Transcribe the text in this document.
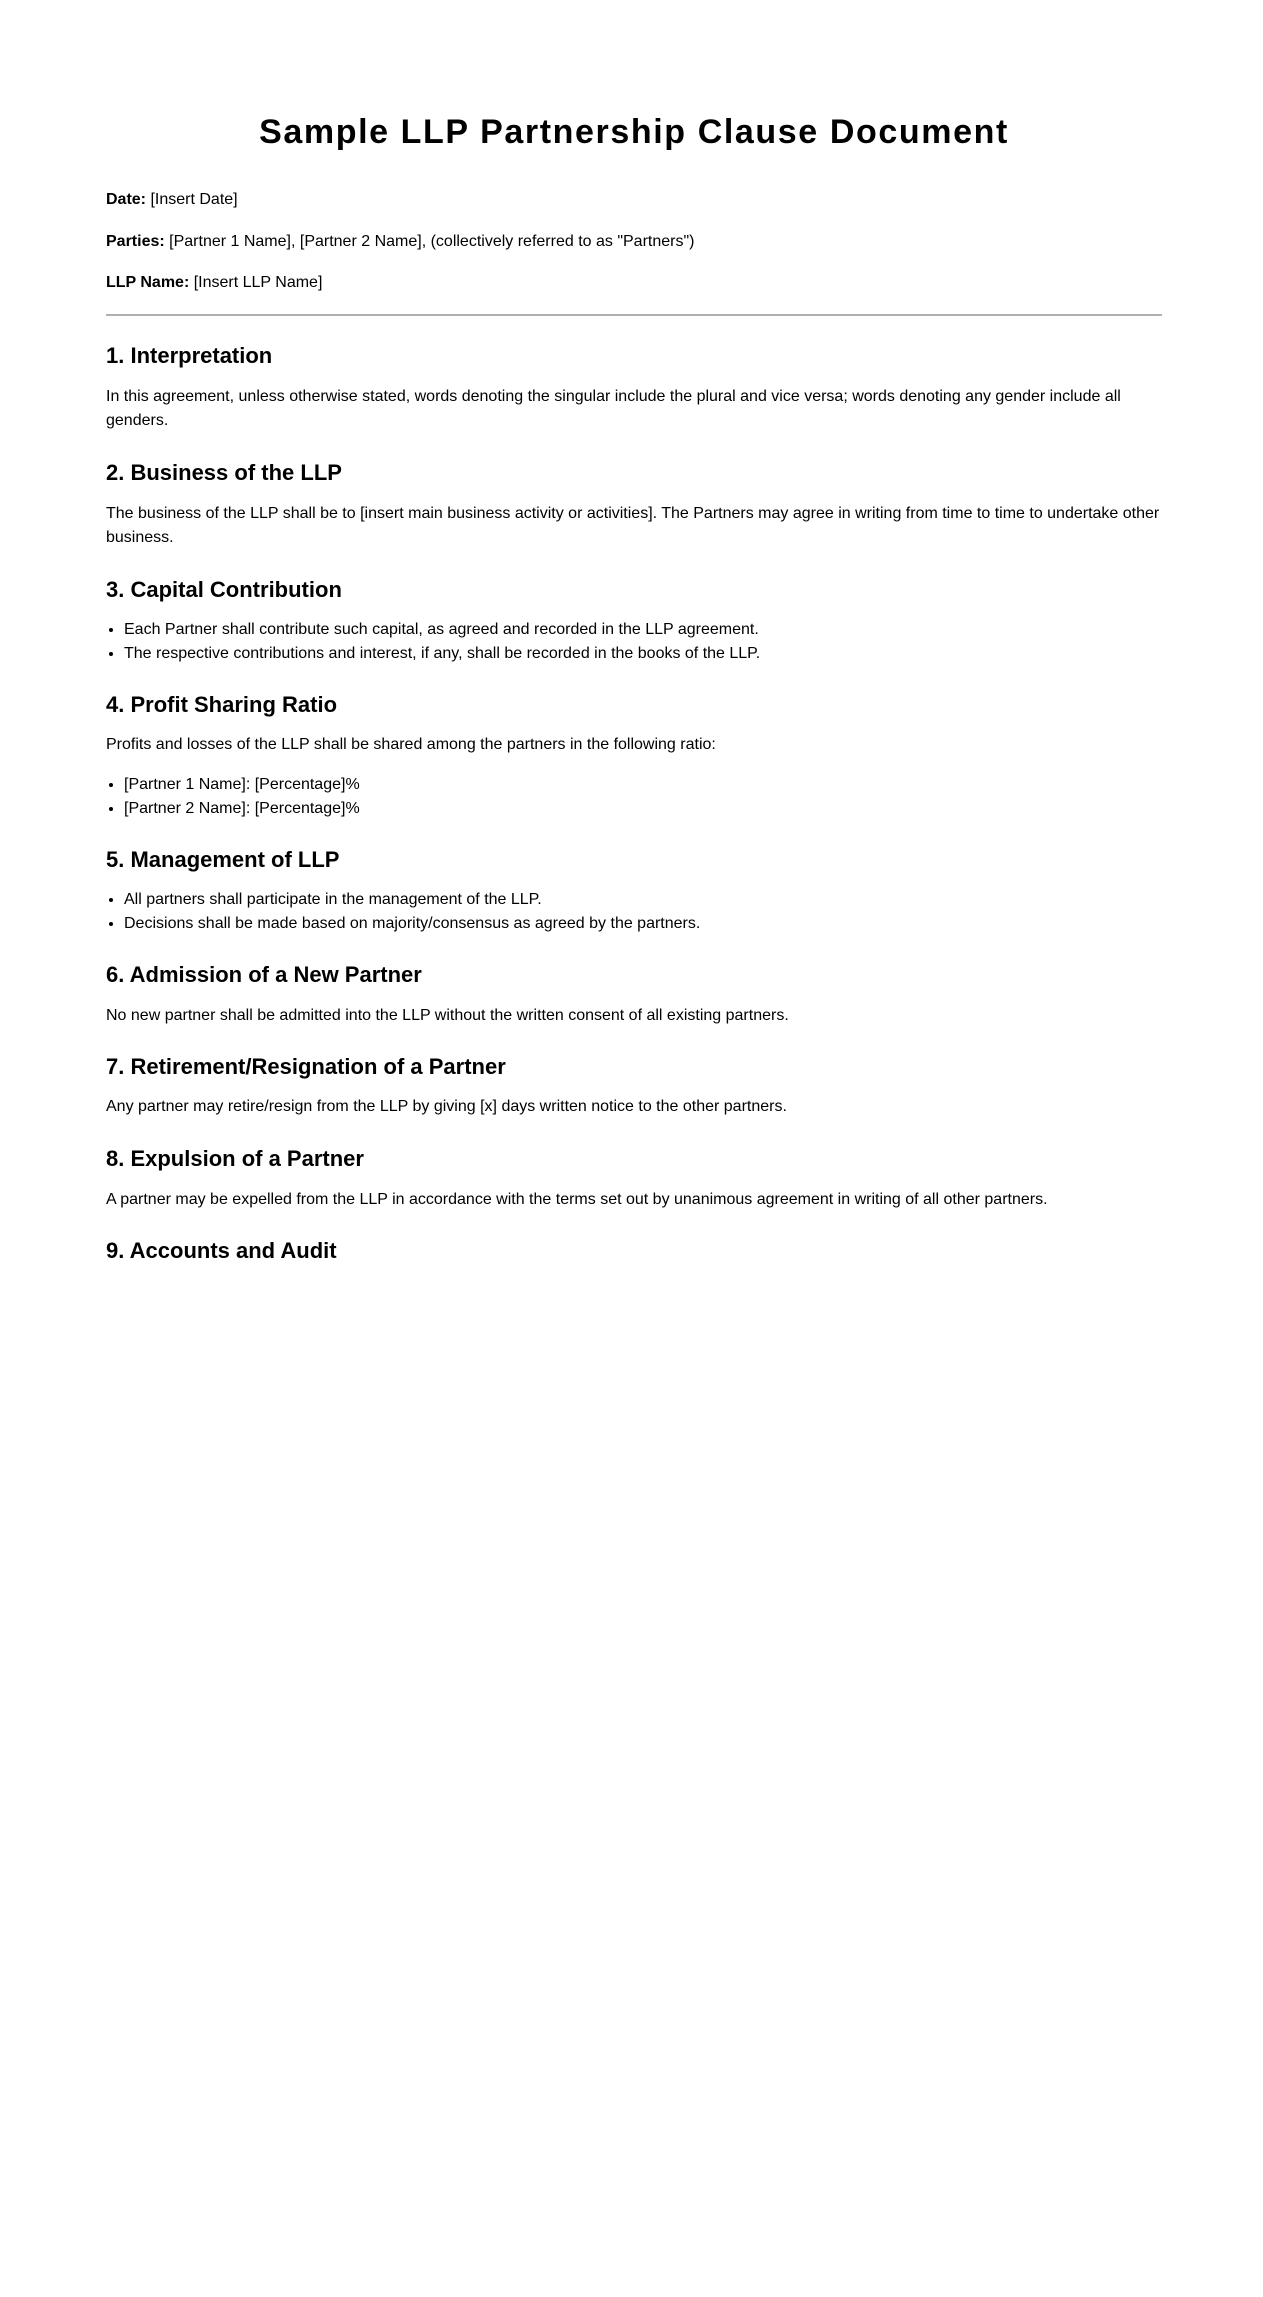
Sample LLP Partnership Clause Document

Date: [Insert Date]

Parties: [Partner 1 Name], [Partner 2 Name], (collectively referred to as "Partners")

LLP Name: [Insert LLP Name]

1. Interpretation

In this agreement, unless otherwise stated, words denoting the singular include the plural and vice versa; words denoting any gender include all genders.

2. Business of the LLP

The business of the LLP shall be to [insert main business activity or activities]. The Partners may agree in writing from time to time to undertake other business.

3. Capital Contribution
• Each Partner shall contribute such capital, as agreed and recorded in the LLP agreement.
• The respective contributions and interest, if any, shall be recorded in the books of the LLP.
4. Profit Sharing Ratio

Profits and losses of the LLP shall be shared among the partners in the following ratio:

• [Partner 1 Name]: [Percentage]%
• [Partner 2 Name]: [Percentage]%
5. Management of LLP
• All partners shall participate in the management of the LLP.
• Decisions shall be made based on majority/consensus as agreed by the partners.
6. Admission of a New Partner

No new partner shall be admitted into the LLP without the written consent of all existing partners.

7. Retirement/Resignation of a Partner

Any partner may retire/resign from the LLP by giving [x] days written notice to the other partners.

8. Expulsion of a Partner

A partner may be expelled from the LLP in accordance with the terms set out by unanimous agreement in writing of all other partners.

9. Accounts and Audit
